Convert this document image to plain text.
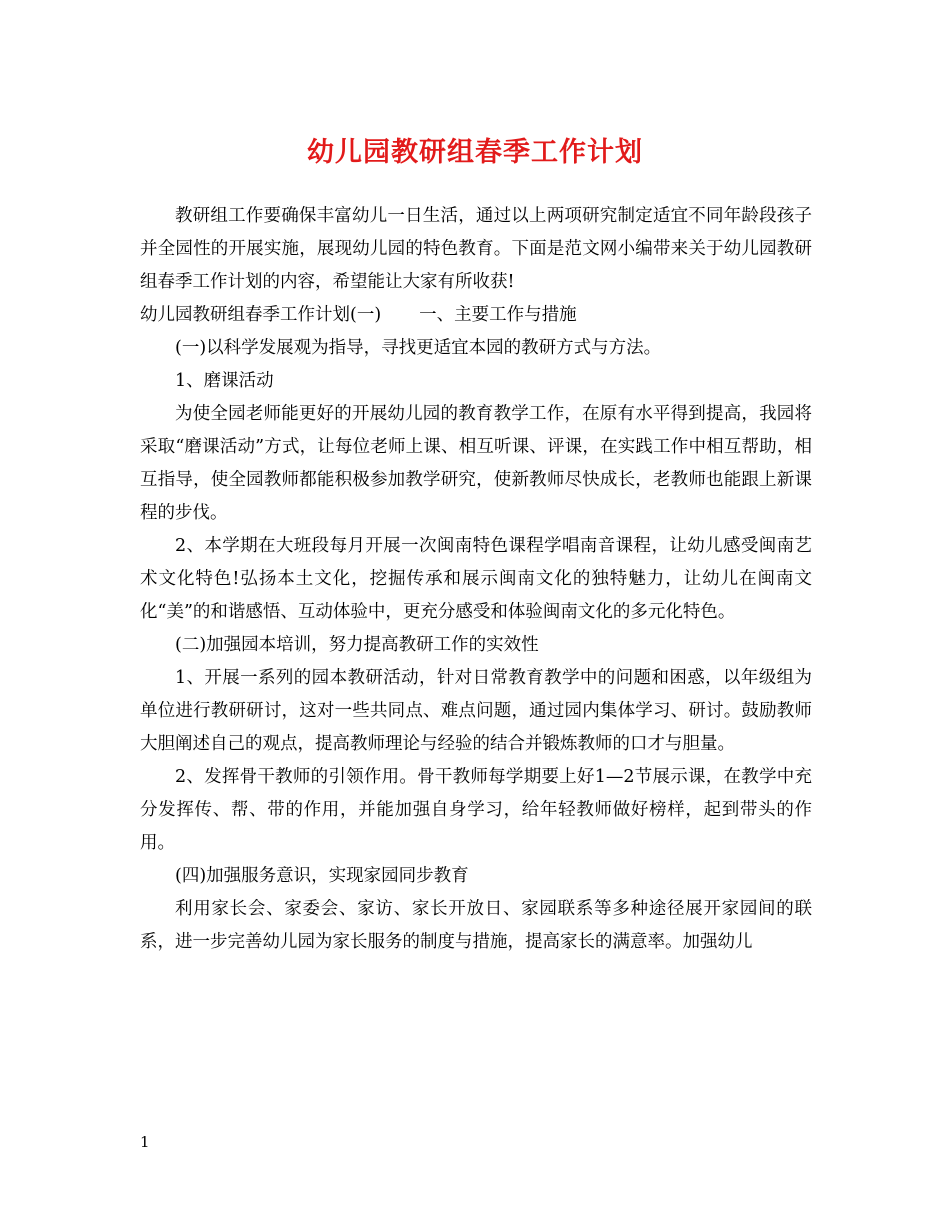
幼儿园教研组春季工作计划

教研组工作要确保丰富幼儿一日生活，通过以上两项研究制定适宜不同年龄段孩子并全园性的开展实施，展现幼儿园的特色教育。下面是范文网小编带来关于幼儿园教研组春季工作计划的内容，希望能让大家有所收获!

幼儿园教研组春季工作计划(一) 一、主要工作与措施

(一)以科学发展观为指导，寻找更适宜本园的教研方式与方法。

1、磨课活动

为使全园老师能更好的开展幼儿园的教育教学工作，在原有水平得到提高，我园将采取“磨课活动”方式，让每位老师上课、相互听课、评课，在实践工作中相互帮助，相互指导，使全园教师都能积极参加教学研究，使新教师尽快成长，老教师也能跟上新课程的步伐。

2、本学期在大班段每月开展一次闽南特色课程学唱南音课程，让幼儿感受闽南艺术文化特色!弘扬本土文化，挖掘传承和展示闽南文化的独特魅力，让幼儿在闽南文化“美”的和谐感悟、互动体验中，更充分感受和体验闽南文化的多元化特色。

(二)加强园本培训，努力提高教研工作的实效性

1、开展一系列的园本教研活动，针对日常教育教学中的问题和困惑，以年级组为单位进行教研研讨，这对一些共同点、难点问题，通过园内集体学习、研讨。鼓励教师大胆阐述自己的观点，提高教师理论与经验的结合并锻炼教师的口才与胆量。

2、发挥骨干教师的引领作用。骨干教师每学期要上好1—2节展示课，在教学中充分发挥传、帮、带的作用，并能加强自身学习，给年轻教师做好榜样，起到带头的作用。

(四)加强服务意识，实现家园同步教育

利用家长会、家委会、家访、家长开放日、家园联系等多种途径展开家园间的联系，进一步完善幼儿园为家长服务的制度与措施，提高家长的满意率。加强幼儿

1
